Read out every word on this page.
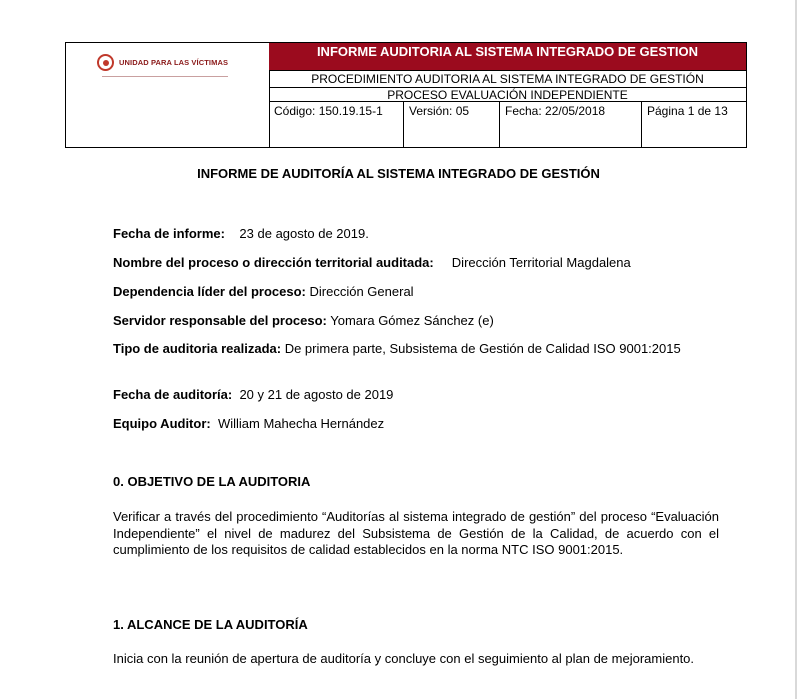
UNIDAD PARA LAS VÍCTIMAS
INFORME AUDITORIA AL SISTEMA INTEGRADO DE GESTION
PROCEDIMIENTO AUDITORIA AL SISTEMA INTEGRADO DE GESTIÓN
PROCESO EVALUACIÓN INDEPENDIENTE
Código: 150.19.15-1	Versión: 05	Fecha: 22/05/2018	Página 1 de 13
INFORME DE AUDITORÍA AL SISTEMA INTEGRADO DE GESTIÓN
Fecha de informe: 23 de agosto de 2019.
Nombre del proceso o dirección territorial auditada: Dirección Territorial Magdalena
Dependencia líder del proceso: Dirección General
Servidor responsable del proceso: Yomara Gómez Sánchez (e)
Tipo de auditoria realizada: De primera parte, Subsistema de Gestión de Calidad ISO 9001:2015
Fecha de auditoría: 20 y 21 de agosto de 2019
Equipo Auditor: William Mahecha Hernández
0. OBJETIVO DE LA AUDITORIA
Verificar a través del procedimiento “Auditorías al sistema integrado de gestión” del proceso “Evaluación Independiente” el nivel de madurez del Subsistema de Gestión de la Calidad, de acuerdo con el cumplimiento de los requisitos de calidad establecidos en la norma NTC ISO 9001:2015.
1. ALCANCE DE LA AUDITORÍA
Inicia con la reunión de apertura de auditoría y concluye con el seguimiento al plan de mejoramiento.
